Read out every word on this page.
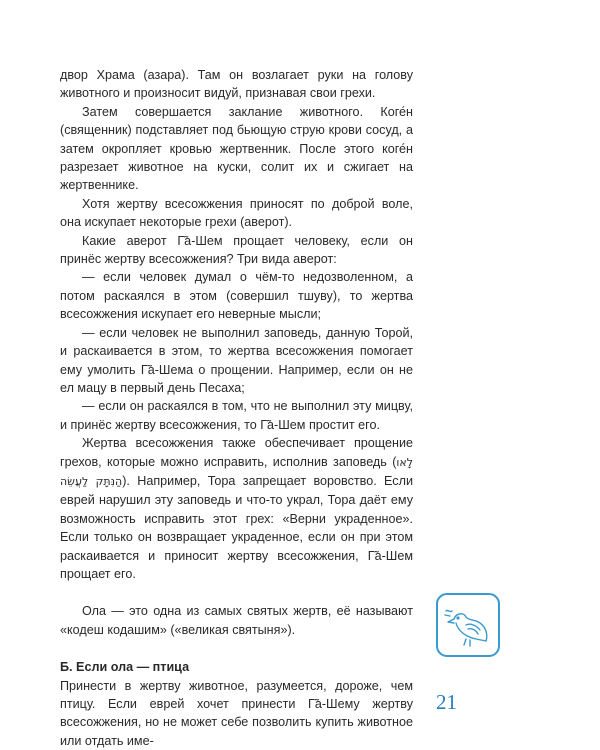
двор Храма (азара). Там он возлагает руки на голову животного и произносит видуй, признавая свои грехи.

Затем совершается заклание животного. Коге́н (священник) подставляет под бьющую струю крови сосуд, а затем окропляет кровью жертвенник. После этого коге́н разрезает животное на куски, солит их и сжигает на жертвеннике.

Хотя жертву всесожжения приносят по доброй воле, она искупает некоторые грехи (аверот).

Какие аверот Г̃а-Шем прощает человеку, если он принёс жертву всесожжения? Три вида аверот:

— если человек думал о чём-то недозволенном, а потом раскаялся в этом (совершил тшуву), то жертва всесожжения искупает его неверные мысли;

— если человек не выполнил заповедь, данную Торой, и раскаивается в этом, то жертва всесожжения помогает ему умолить Г̃а-Шема о прощении. Например, если он не ел мацу в первый день Песаха;

— если он раскаялся в том, что не выполнил эту мицву, и принёс жертву всесожжения, то Г̃а-Шем простит его.

Жертва всесожжения также обеспечивает прощение грехов, которые можно исправить, исполнив заповедь (לָאו הַנִּתָּק לַעֲשֵׂה). Например, Тора запрещает воровство. Если еврей нарушил эту заповедь и что-то украл, Тора даёт ему возможность исправить этот грех: «Верни украденное». Если только он возвращает украденное, если он при этом раскаивается и приносит жертву всесожжения, Г̃а-Шем прощает его.

Ола — это одна из самых святых жертв, её называют «кодеш кодашим» («великая святыня»).

Б. Если ола — птица

Принести в жертву животное, разумеется, дороже, чем птицу. Если еврей хочет принести Г̃а-Шему жертву всесожжения, но не может себе позволить купить животное или отдать име-

21
